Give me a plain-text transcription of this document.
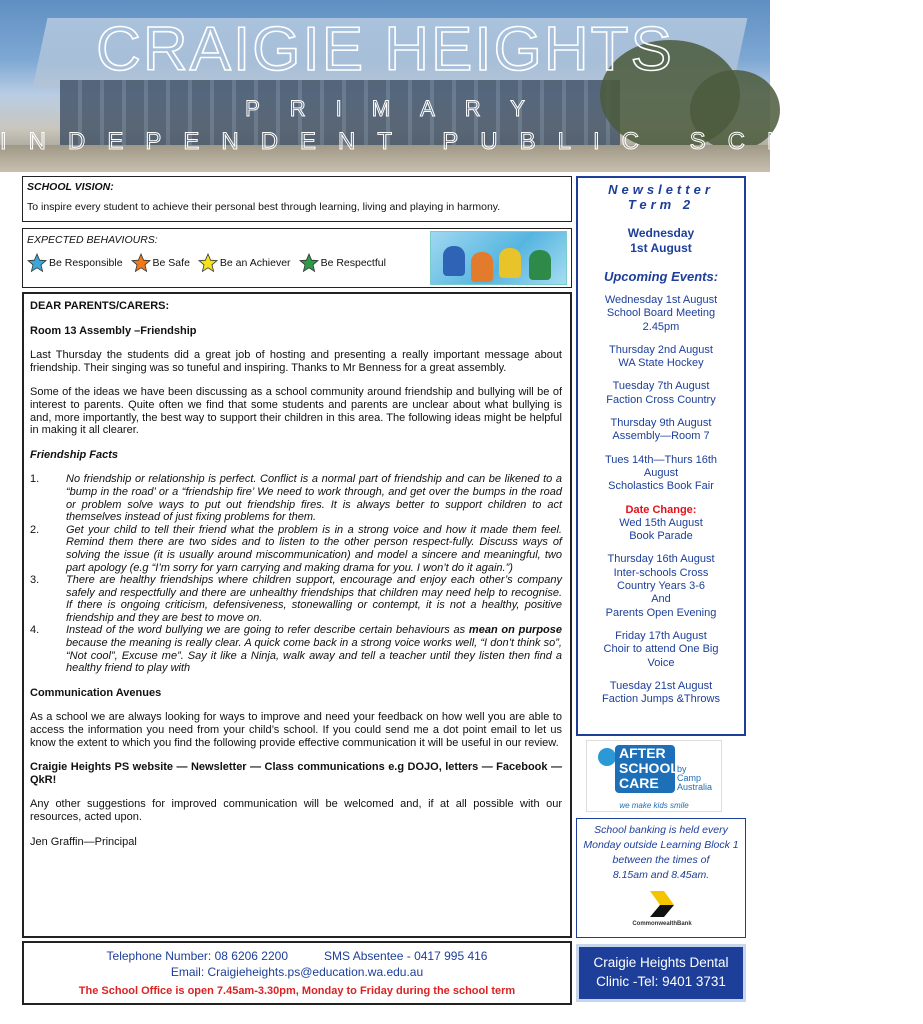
CRAIGIE HEIGHTS
PRIMARY
INDEPENDENT PUBLIC SCHOOL
SCHOOL VISION:
To inspire every student to achieve their personal best through learning, living and playing in harmony.
EXPECTED BEHAVIOURS:
Be Responsible	Be Safe	Be an Achiever	Be Respectful

DEAR PARENTS/CARERS:

Room 13 Assembly –Friendship

Last Thursday the students did a great job of hosting and presenting a really important message about friendship. Their singing was so tuneful and inspiring. Thanks to Mr Benness for a great assembly.

Some of the ideas we have been discussing as a school community around friendship and bullying will be of interest to parents. Quite often we find that some students and parents are unclear about what bullying is and, more importantly, the best way to support their children in this area. The following ideas might be helpful in making it all clearer.

Friendship Facts

1.	No friendship or relationship is perfect. Conflict is a normal part of friendship and can be likened to a “bump in the road’ or a “friendship fire’ We need to work through, and get over the bumps in the road or problem solve ways to put out friendship fires. It is always better to support children to act themselves instead of just fixing problems for them.
2.	Get your child to tell their friend what the problem is in a strong voice and how it made them feel. Remind them there are two sides and to listen to the other person respect-fully. Discuss ways of solving the issue (it is usually around miscommunication) and model a sincere and meaningful, two part apology (e.g “I’m sorry for yarn carrying and making drama for you. I won’t do it again.”)
3.	There are healthy friendships where children support, encourage and enjoy each other’s company safely and respectfully and there are unhealthy friendships that children may need help to recognise. If there is ongoing criticism, defensiveness, stonewalling or contempt, it is not a healthy, positive friendship and they are best to move on.
4.	Instead of the word bullying we are going to refer describe certain behaviours as mean on purpose because the meaning is really clear. A quick come back in a strong voice works well, “I don’t think so”, “Not cool”, Excuse me”. Say it like a Ninja, walk away and tell a teacher until they listen then find a healthy friend to play with

Communication Avenues

As a school we are always looking for ways to improve and need your feedback on how well you are able to access the information you need from your child’s school. If you could send me a dot point email to let us know the extent to which you find the following provide effective communication it will be useful in our review.

Craigie Heights PS website — Newsletter — Class communications e.g DOJO, letters — Facebook — QkR!

Any other suggestions for improved communication will be welcomed and, if at all possible with our resources, acted upon.

Jen Graffin—Principal

Telephone Number: 08 6206 2200	SMS Absentee - 0417 995 416
Email: Craigieheights.ps@education.wa.edu.au
The School Office is open 7.45am-3.30pm, Monday to Friday during the school term
Newsletter
Term 2
Wednesday
1st August
Upcoming Events:
Wednesday 1st August
School Board Meeting
2.45pm
Thursday 2nd August
WA State Hockey
Tuesday 7th August
Faction Cross Country
Thursday 9th August
Assembly—Room 7
Tues 14th—Thurs 16th
August
Scholastics Book Fair
Date Change:
Wed 15th August
Book Parade
Thursday 16th August
Inter-schools Cross
Country Years 3-6
And
Parents Open Evening
Friday 17th August
Choir to attend One Big
Voice
Tuesday 21st August
Faction Jumps &Throws
AFTER
SCHOOL
CARE
by
Camp
Australia
we make kids smile
School banking is held every Monday outside Learning Block 1 between the times of
8.15am and 8.45am.
CommonwealthBank
Craigie Heights Dental
Clinic -Tel: 9401 3731
